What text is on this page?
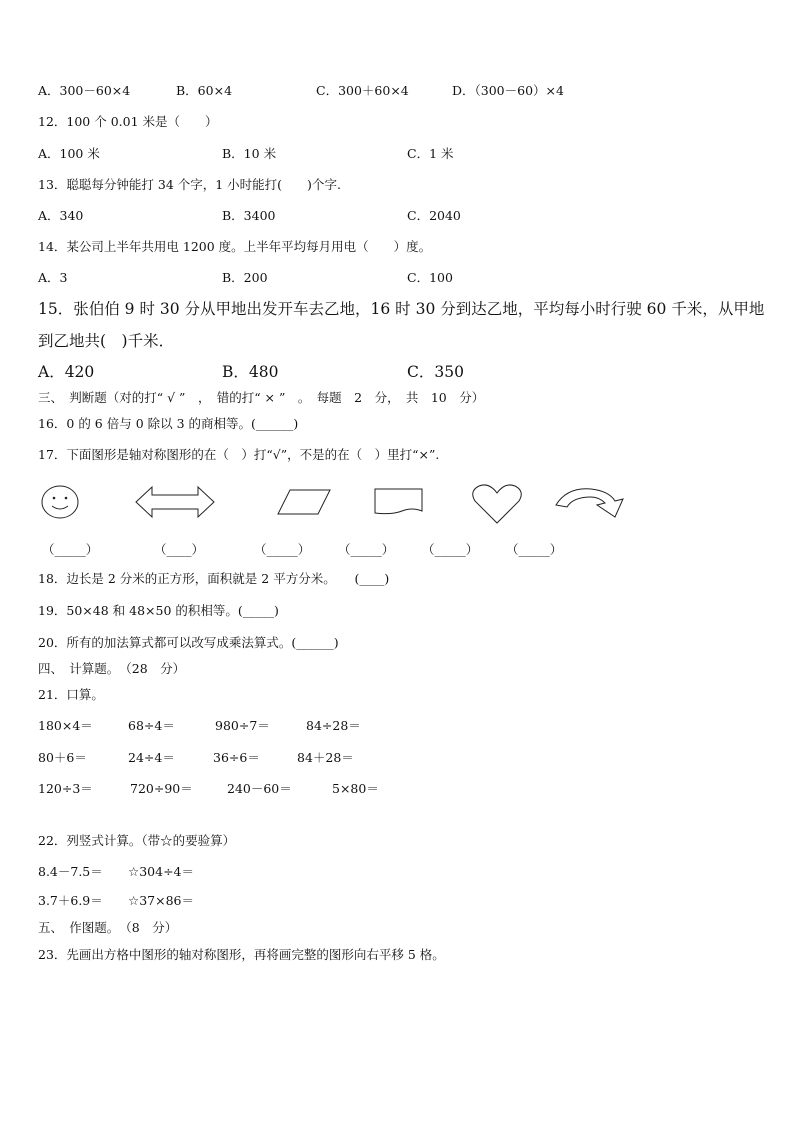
A．300－60×4	B．60×4	C．300＋60×4	D．（300－60）×4
12．100 个 0.01 米是（　　）
A．100 米	B．10 米	C．1 米
13．聪聪每分钟能打 34 个字，1 小时能打(　　)个字.
A．340	B．3400	C．2040
14．某公司上半年共用电 1200 度。上半年平均每月用电（　　）度。
A．3	B．200	C．100
15．张伯伯 9 时 30 分从甲地出发开车去乙地，16 时 30 分到达乙地，平均每小时行驶 60 千米，从甲地
到乙地共(　)千米．
A．420	B．480	C．350
三、　判断题（对的打“ √ ”　，　错的打“ × ”　。　每题　2　分，　共　10　分）
16．0 的 6 倍与 0 除以 3 的商相等。(______)
17．下面图形是轴对称图形的在（　）打“√”，不是的在（　）里打“×”.
（_____）	（____）	（_____） （_____） （_____） （_____）
18．边长是 2 分米的正方形，面积就是 2 平方分米。　　(____)
19．50×48 和 48×50 的积相等。(_____)
20．所有的加法算式都可以改写成乘法算式。(______)
四、　计算题。　（28　分）
21．口算。
180×4＝	68÷4＝	980÷7＝	84÷28＝
80＋6＝	24÷4＝	36÷6＝	84＋28＝
120÷3＝	720÷90＝	240－60＝	5×80＝
22．列竖式计算。（带☆的要验算）
8.4－7.5＝ ☆304÷4＝
3.7＋6.9＝ ☆37×86＝
五、　作图题。　（8　分）
23．先画出方格中图形的轴对称图形，再将画完整的图形向右平移 5 格。
